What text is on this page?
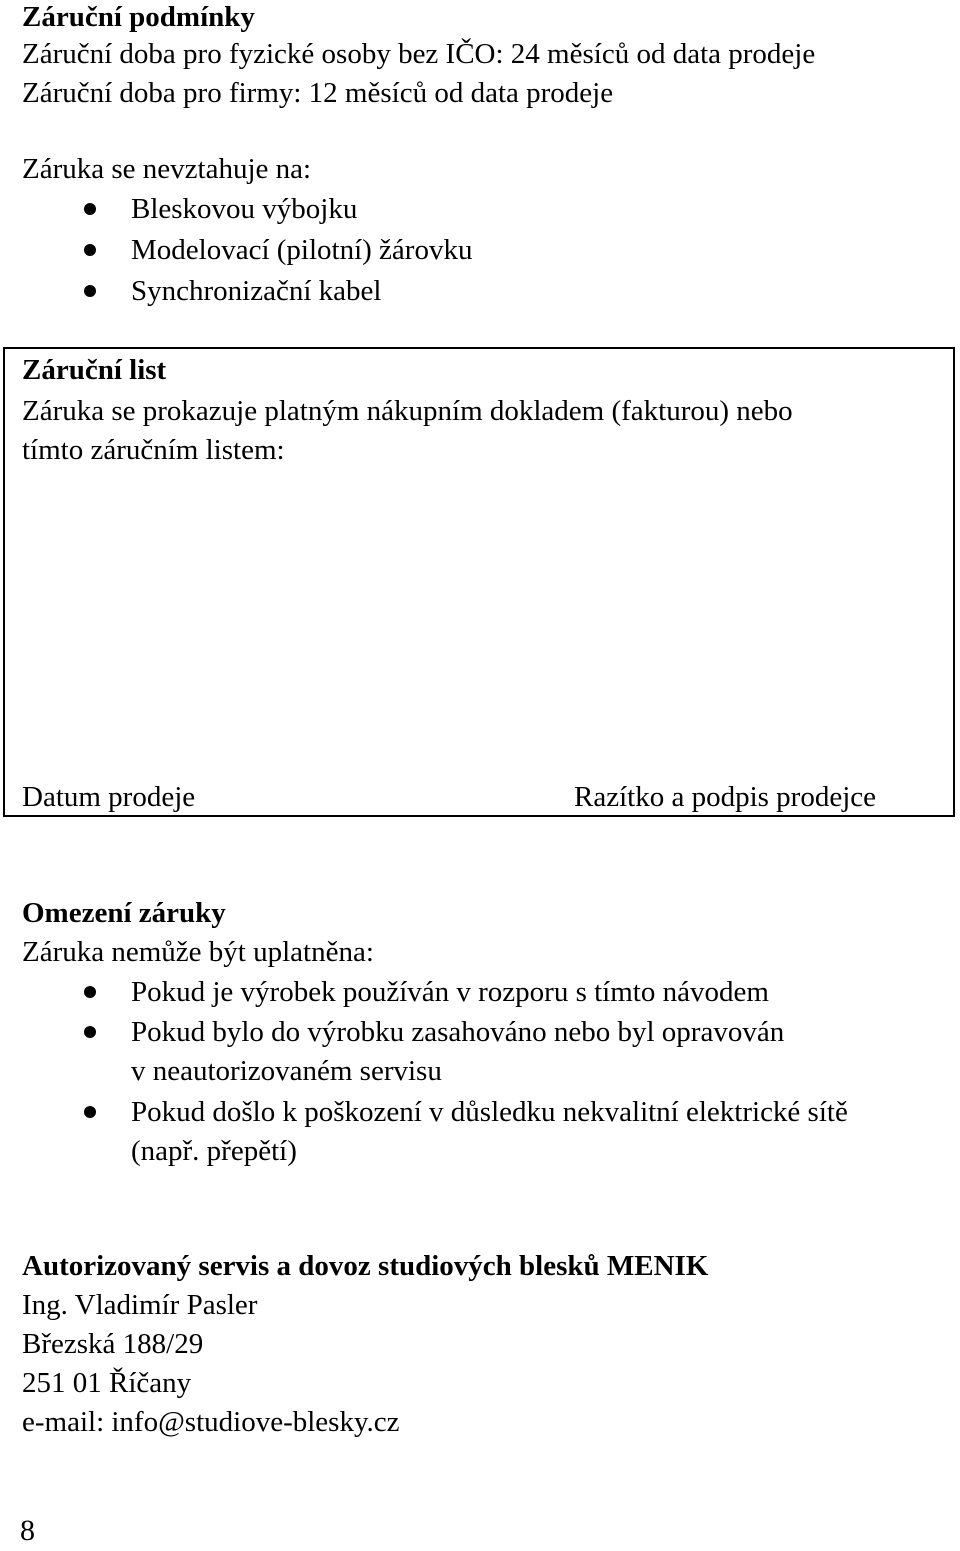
Záruční podmínky
Záruční doba pro fyzické osoby bez IČO: 24 měsíců od data prodeje
Záruční doba pro firmy: 12 měsíců od data prodeje
Záruka se nevztahuje na:
Bleskovou výbojku
Modelovací (pilotní) žárovku
Synchronizační kabel
Záruční list
Záruka se prokazuje platným nákupním dokladem (fakturou) nebo
tímto záručním listem:
Datum prodeje	Razítko a podpis prodejce
Omezení záruky
Záruka nemůže být uplatněna:
Pokud je výrobek používán v rozporu s tímto návodem
Pokud bylo do výrobku zasahováno nebo byl opravován
v neautorizovaném servisu
Pokud došlo k poškození v důsledku nekvalitní elektrické sítě
(např. přepětí)
Autorizovaný servis a dovoz studiových blesků MENIK
Ing. Vladimír Pasler
Březská 188/29
251 01 Říčany
e-mail: info@studiove-blesky.cz
8
